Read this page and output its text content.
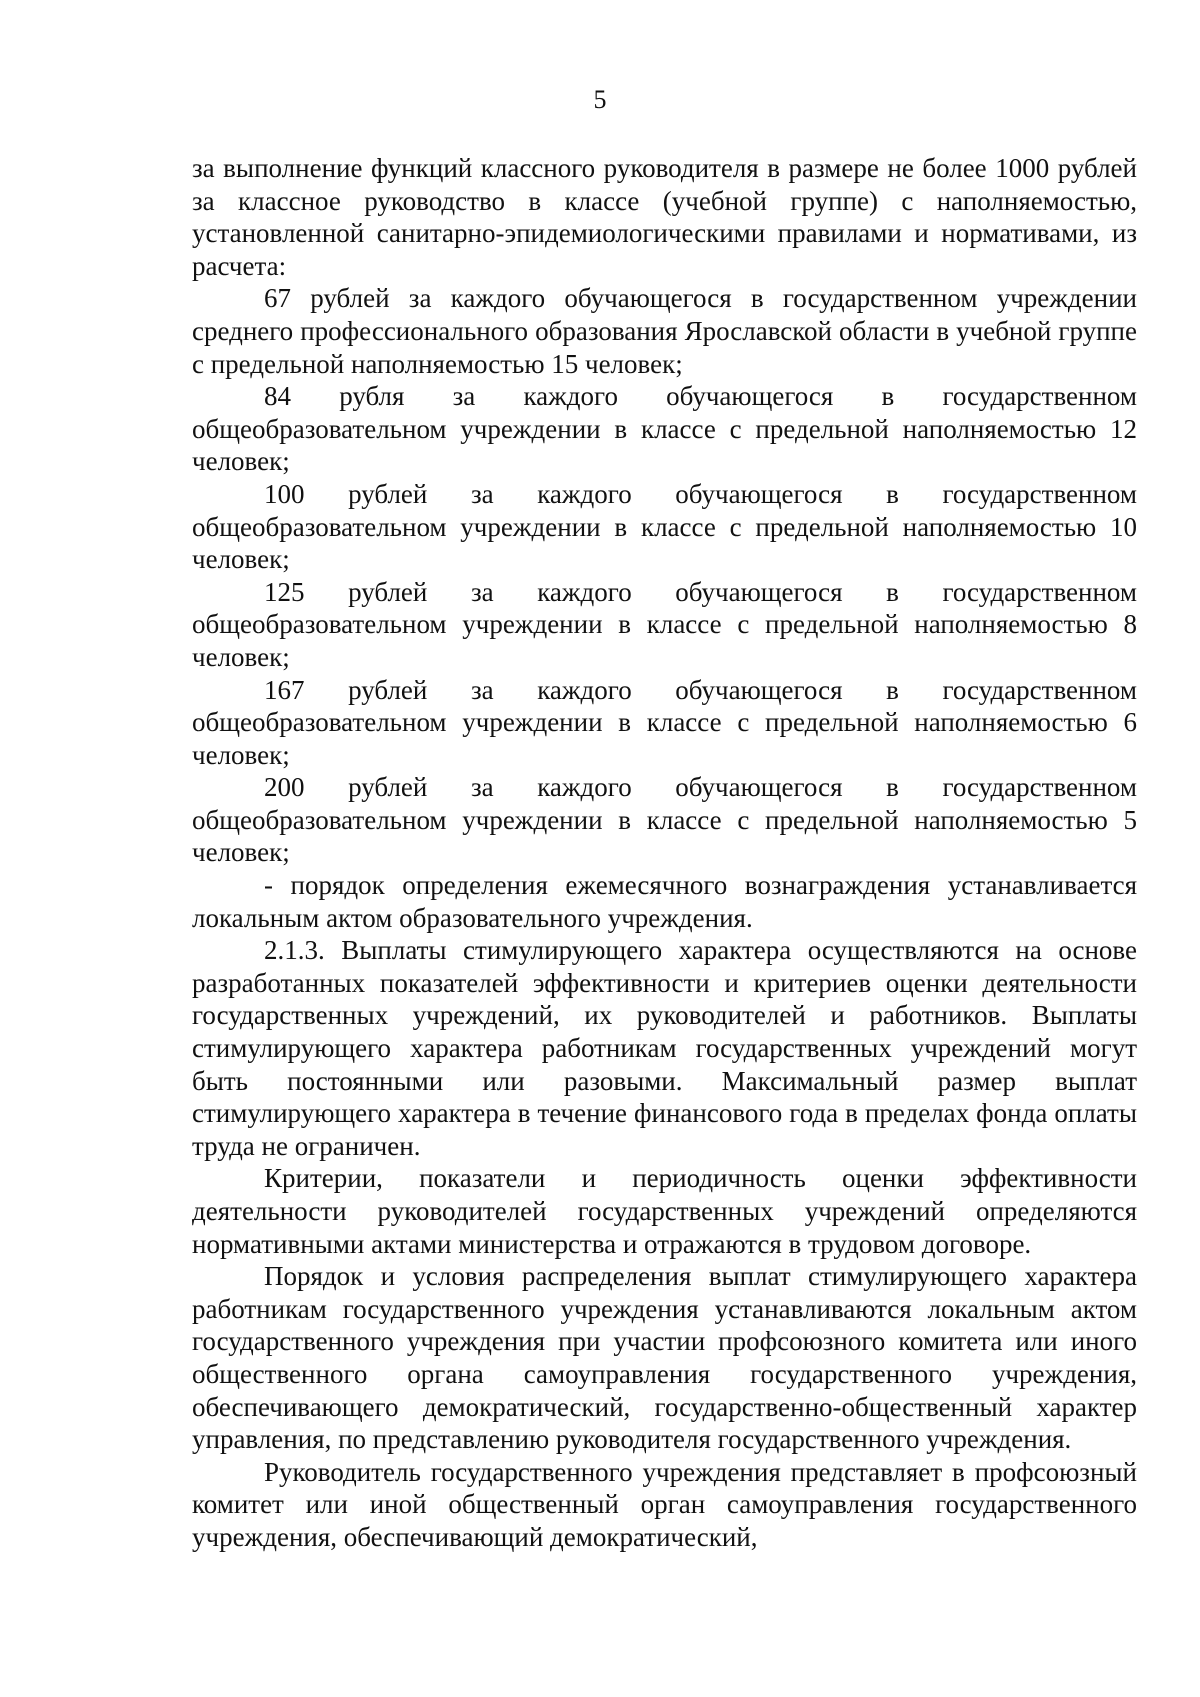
5

за выполнение функций классного руководителя в размере не более 1000 рублей за классное руководство в классе (учебной группе) с наполняемостью, установленной санитарно-эпидемиологическими правилами и нормативами, из расчета:

67 рублей за каждого обучающегося в государственном учреждении среднего профессионального образования Ярославской области в учебной группе с предельной наполняемостью 15 человек;

84 рубля за каждого обучающегося в государственном общеобразовательном учреждении в классе с предельной наполняемостью 12 человек;

100 рублей за каждого обучающегося в государственном общеобразовательном учреждении в классе с предельной наполняемостью 10 человек;

125 рублей за каждого обучающегося в государственном общеобразовательном учреждении в классе с предельной наполняемостью 8 человек;

167 рублей за каждого обучающегося в государственном общеобразовательном учреждении в классе с предельной наполняемостью 6 человек;

200 рублей за каждого обучающегося в государственном общеобразовательном учреждении в классе с предельной наполняемостью 5 человек;

- порядок определения ежемесячного вознаграждения устанавливается локальным актом образовательного учреждения.

2.1.3. Выплаты стимулирующего характера осуществляются на основе разработанных показателей эффективности и критериев оценки деятельности государственных учреждений, их руководителей и работников. Выплаты стимулирующего характера работникам государственных учреждений могут быть постоянными или разовыми. Максимальный размер выплат стимулирующего характера в течение финансового года в пределах фонда оплаты труда не ограничен.

Критерии, показатели и периодичность оценки эффективности деятельности руководителей государственных учреждений определяются нормативными актами министерства и отражаются в трудовом договоре.

Порядок и условия распределения выплат стимулирующего характера работникам государственного учреждения устанавливаются локальным актом государственного учреждения при участии профсоюзного комитета или иного общественного органа самоуправления государственного учреждения, обеспечивающего демократический, государственно-общественный характер управления, по представлению руководителя государственного учреждения.

Руководитель государственного учреждения представляет в профсоюзный комитет или иной общественный орган самоуправления государственного учреждения, обеспечивающий демократический,
